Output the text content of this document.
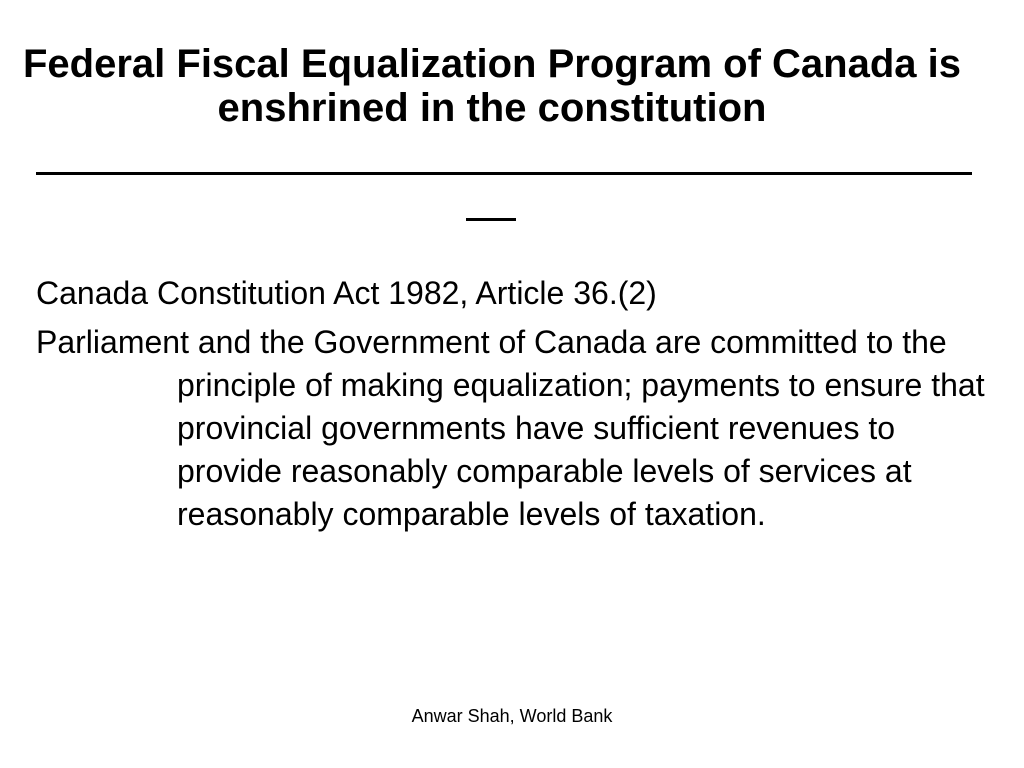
Federal Fiscal Equalization Program of Canada is enshrined in the constitution

Canada Constitution Act 1982, Article 36.(2)

Parliament and the Government of Canada are committed to the principle of making equalization; payments to ensure that provincial governments have sufficient revenues to provide reasonably comparable levels of services at reasonably comparable levels of taxation.

Anwar Shah, World Bank
